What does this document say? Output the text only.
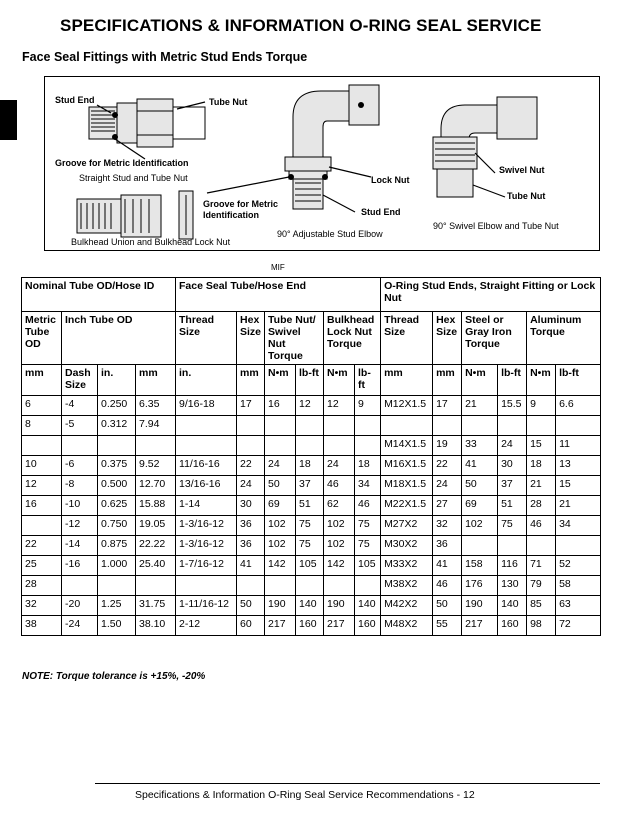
SPECIFICATIONS & INFORMATION O-RING SEAL SERVICE
Face Seal Fittings with Metric Stud Ends Torque
Stud End	Tube Nut
Groove for Metric Identification
Straight Stud and Tube Nut	Lock Nut
Groove for Metric
Identification	Stud End
90° Adjustable Stud Elbow
Swivel Nut
Tube Nut
90° Swivel Elbow and Tube Nut
Bulkhead Union and Bulkhead Lock Nut
MIF
Nominal Tube OD/Hose ID				Face Seal Tube/Hose End						O-Ring Stud Ends, Straight Fitting or Lock Nut					
Metric Tube OD	Inch Tube OD			Thread Size	Hex Size	Tube Nut/ Swivel Nut Torque		Bulkhead Lock Nut Torque		Thread Size	Hex Size	Steel or Gray Iron Torque		Aluminum Torque	
mm	Dash Size	in.	mm	in.	mm	N•m	lb-ft	N•m	lb-ft	mm	mm	N•m	lb-ft	N•m	lb-ft
6	-4	0.250	6.35	9/16-18	17	16	12	12	9	M12X1.5	17	21	15.5	9	6.6
8	-5	0.312	7.94												
										M14X1.5	19	33	24	15	11
10	-6	0.375	9.52	11/16-16	22	24	18	24	18	M16X1.5	22	41	30	18	13
12	-8	0.500	12.70	13/16-16	24	50	37	46	34	M18X1.5	24	50	37	21	15
16	-10	0.625	15.88	1-14	30	69	51	62	46	M22X1.5	27	69	51	28	21
	-12	0.750	19.05	1-3/16-12	36	102	75	102	75	M27X2	32	102	75	46	34
22	-14	0.875	22.22	1-3/16-12	36	102	75	102	75	M30X2	36				
25	-16	1.000	25.40	1-7/16-12	41	142	105	142	105	M33X2	41	158	116	71	52
28										M38X2	46	176	130	79	58
32	-20	1.25	31.75	1-11/16-12	50	190	140	190	140	M42X2	50	190	140	85	63
38	-24	1.50	38.10	2-12	60	217	160	217	160	M48X2	55	217	160	98	72
NOTE: Torque tolerance is +15%, -20%
Specifications & Information O-Ring Seal Service Recommendations - 12
